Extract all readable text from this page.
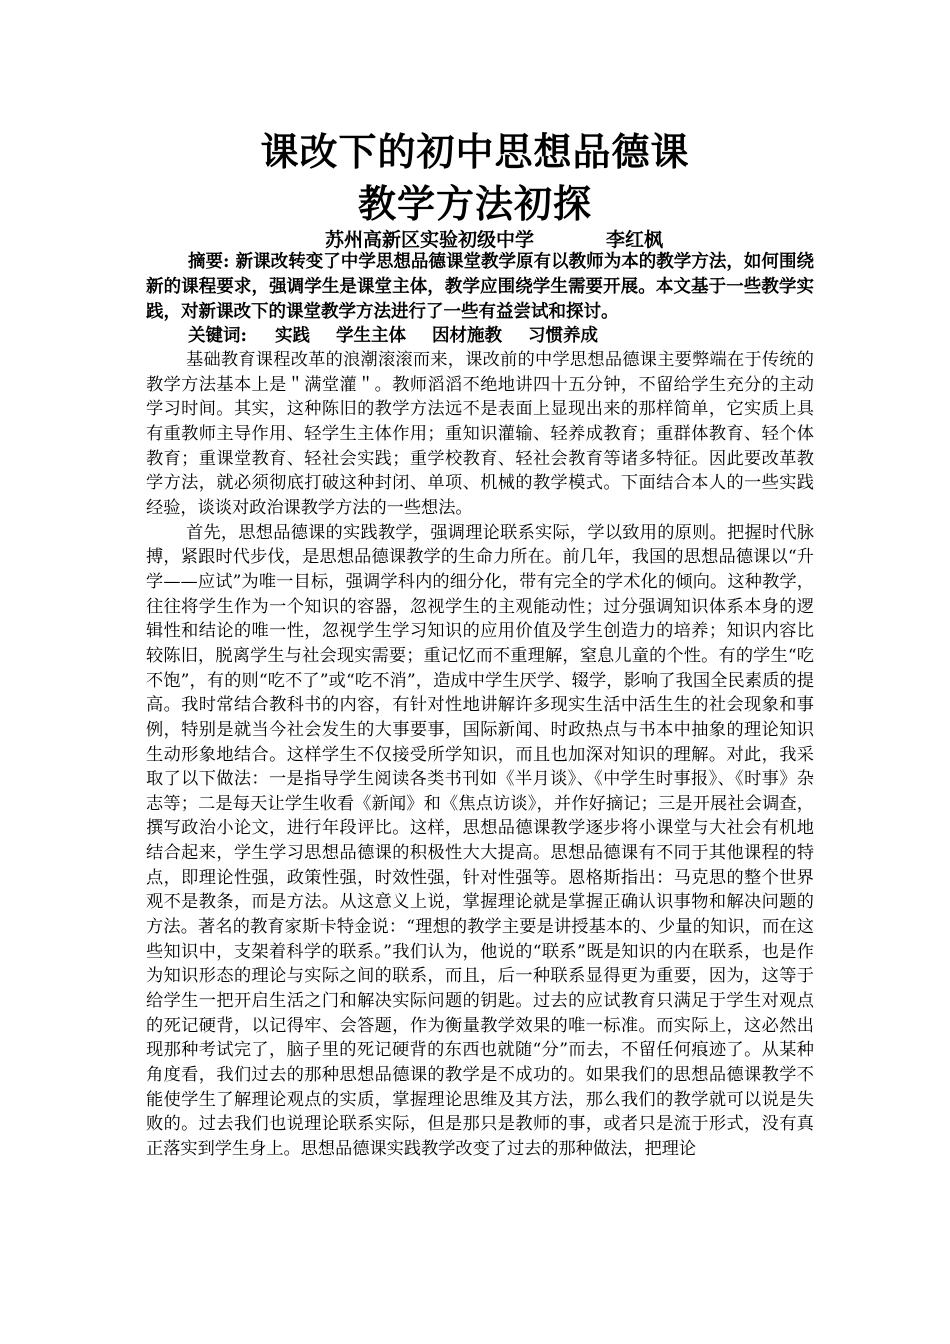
课改下的初中思想品德课
教学方法初探
苏州高新区实验初级中学	李红枫

摘要: 新课改转变了中学思想品德课堂教学原有以教师为本的教学方法，如何围绕新的课程要求，强调学生是课堂主体，教学应围绕学生需要开展。本文基于一些教学实践，对新课改下的课堂教学方法进行了一些有益尝试和探讨。

关键词: 实践 学生主体 因材施教 习惯养成

基础教育课程改革的浪潮滚滚而来，课改前的中学思想品德课主要弊端在于传统的教学方法基本上是＂满堂灌＂。教师滔滔不绝地讲四十五分钟，不留给学生充分的主动学习时间。其实，这种陈旧的教学方法远不是表面上显现出来的那样简单，它实质上具有重教师主导作用、轻学生主体作用；重知识灌输、轻养成教育；重群体教育、轻个体教育；重课堂教育、轻社会实践；重学校教育、轻社会教育等诸多特征。因此要改革教学方法，就必须彻底打破这种封闭、单项、机械的教学模式。下面结合本人的一些实践经验，谈谈对政治课教学方法的一些想法。

首先，思想品德课的实践教学，强调理论联系实际，学以致用的原则。把握时代脉搏，紧跟时代步伐，是思想品德课教学的生命力所在。前几年，我国的思想品德课以“升学——应试”为唯一目标，强调学科内的细分化，带有完全的学术化的倾向。这种教学，往往将学生作为一个知识的容器，忽视学生的主观能动性；过分强调知识体系本身的逻辑性和结论的唯一性，忽视学生学习知识的应用价值及学生创造力的培养；知识内容比较陈旧，脱离学生与社会现实需要；重记忆而不重理解，窒息儿童的个性。有的学生“吃不饱”，有的则“吃不了”或“吃不消”，造成中学生厌学、辍学，影响了我国全民素质的提高。我时常结合教科书的内容，有针对性地讲解许多现实生活中活生生的社会现象和事例，特别是就当今社会发生的大事要事，国际新闻、时政热点与书本中抽象的理论知识生动形象地结合。这样学生不仅接受所学知识，而且也加深对知识的理解。对此，我采取了以下做法：一是指导学生阅读各类书刊如《半月谈》、《中学生时事报》、《时事》杂志等；二是每天让学生收看《新闻》和《焦点访谈》，并作好摘记；三是开展社会调查，撰写政治小论文，进行年段评比。这样，思想品德课教学逐步将小课堂与大社会有机地结合起来，学生学习思想品德课的积极性大大提高。思想品德课有不同于其他课程的特点，即理论性强，政策性强，时效性强，针对性强等。恩格斯指出：马克思的整个世界观不是教条，而是方法。从这意义上说，掌握理论就是掌握正确认识事物和解决问题的方法。著名的教育家斯卡特金说：“理想的教学主要是讲授基本的、少量的知识，而在这些知识中，支架着科学的联系。”我们认为，他说的“联系”既是知识的内在联系，也是作为知识形态的理论与实际之间的联系，而且，后一种联系显得更为重要，因为，这等于给学生一把开启生活之门和解决实际问题的钥匙。过去的应试教育只满足于学生对观点的死记硬背，以记得牢、会答题，作为衡量教学效果的唯一标准。而实际上，这必然出现那种考试完了，脑子里的死记硬背的东西也就随“分”而去，不留任何痕迹了。从某种角度看，我们过去的那种思想品德课的教学是不成功的。如果我们的思想品德课教学不能使学生了解理论观点的实质，掌握理论思维及其方法，那么我们的教学就可以说是失败的。过去我们也说理论联系实际，但是那只是教师的事，或者只是流于形式，没有真正落实到学生身上。思想品德课实践教学改变了过去的那种做法，把理论
